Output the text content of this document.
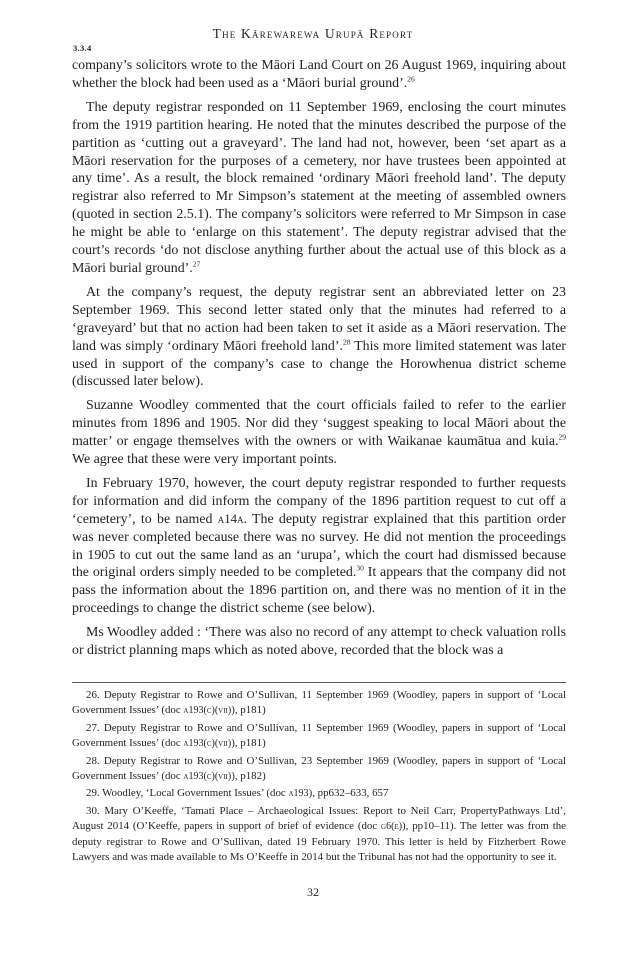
The Kārewarewa Urupā Report
3.3.4

company’s solicitors wrote to the Māori Land Court on 26 August 1969, inquiring about whether the block had been used as a ‘Māori burial ground’.$^{26}$

The deputy registrar responded on 11 September 1969, enclosing the court minutes from the 1919 partition hearing. He noted that the minutes described the purpose of the partition as ‘cutting out a graveyard’. The land had not, however, been ‘set apart as a Māori reservation for the purposes of a cemetery, nor have trustees been appointed at any time’. As a result, the block remained ‘ordinary Māori freehold land’. The deputy registrar also referred to Mr Simpson’s statement at the meeting of assembled owners (quoted in section 2.5.1). The company’s solicitors were referred to Mr Simpson in case he might be able to ‘enlarge on this statement’. The deputy registrar advised that the court’s records ‘do not disclose anything further about the actual use of this block as a Māori burial ground’.$^{27}$

At the company’s request, the deputy registrar sent an abbreviated letter on 23 September 1969. This second letter stated only that the minutes had referred to a ‘graveyard’ but that no action had been taken to set it aside as a Māori reservation. The land was simply ‘ordinary Māori freehold land’.$^{28}$ This more limited statement was later used in support of the company’s case to change the Horowhenua district scheme (discussed later below).

Suzanne Woodley commented that the court officials failed to refer to the earlier minutes from 1896 and 1905. Nor did they ‘suggest speaking to local Māori about the matter’ or engage themselves with the owners or with Waikanae kaumātua and kuia.$^{29}$ We agree that these were very important points.

In February 1970, however, the court deputy registrar responded to further requests for information and did inform the company of the 1896 partition request to cut off a ‘cemetery’, to be named a14a. The deputy registrar explained that this partition order was never completed because there was no survey. He did not mention the proceedings in 1905 to cut out the same land as an ‘urupa’, which the court had dismissed because the original orders simply needed to be completed.$^{30}$ It appears that the company did not pass the information about the 1896 partition on, and there was no mention of it in the proceedings to change the district scheme (see below).

Ms Woodley added : ‘There was also no record of any attempt to check valuation rolls or district planning maps which as noted above, recorded that the block was a

26. Deputy Registrar to Rowe and O’Sullivan, 11 September 1969 (Woodley, papers in support of ‘Local Government Issues’ (doc a193(c)(vii)), p181)
27. Deputy Registrar to Rowe and O’Sullivan, 11 September 1969 (Woodley, papers in support of ‘Local Government Issues’ (doc a193(c)(vii)), p181)
28. Deputy Registrar to Rowe and O’Sullivan, 23 September 1969 (Woodley, papers in support of ‘Local Government Issues’ (doc a193(c)(vii)), p182)
29. Woodley, ‘Local Government Issues’ (doc a193), pp632–633, 657
30. Mary O’Keeffe, ‘Tamati Place – Archaeological Issues: Report to Neil Carr, PropertyPathways Ltd’, August 2014 (O’Keeffe, papers in support of brief of evidence (doc g6(e)), pp10–11). The letter was from the deputy registrar to Rowe and O’Sullivan, dated 19 February 1970. This letter is held by Fitzherbert Rowe Lawyers and was made available to Ms O’Keeffe in 2014 but the Tribunal has not had the opportunity to see it.
32
